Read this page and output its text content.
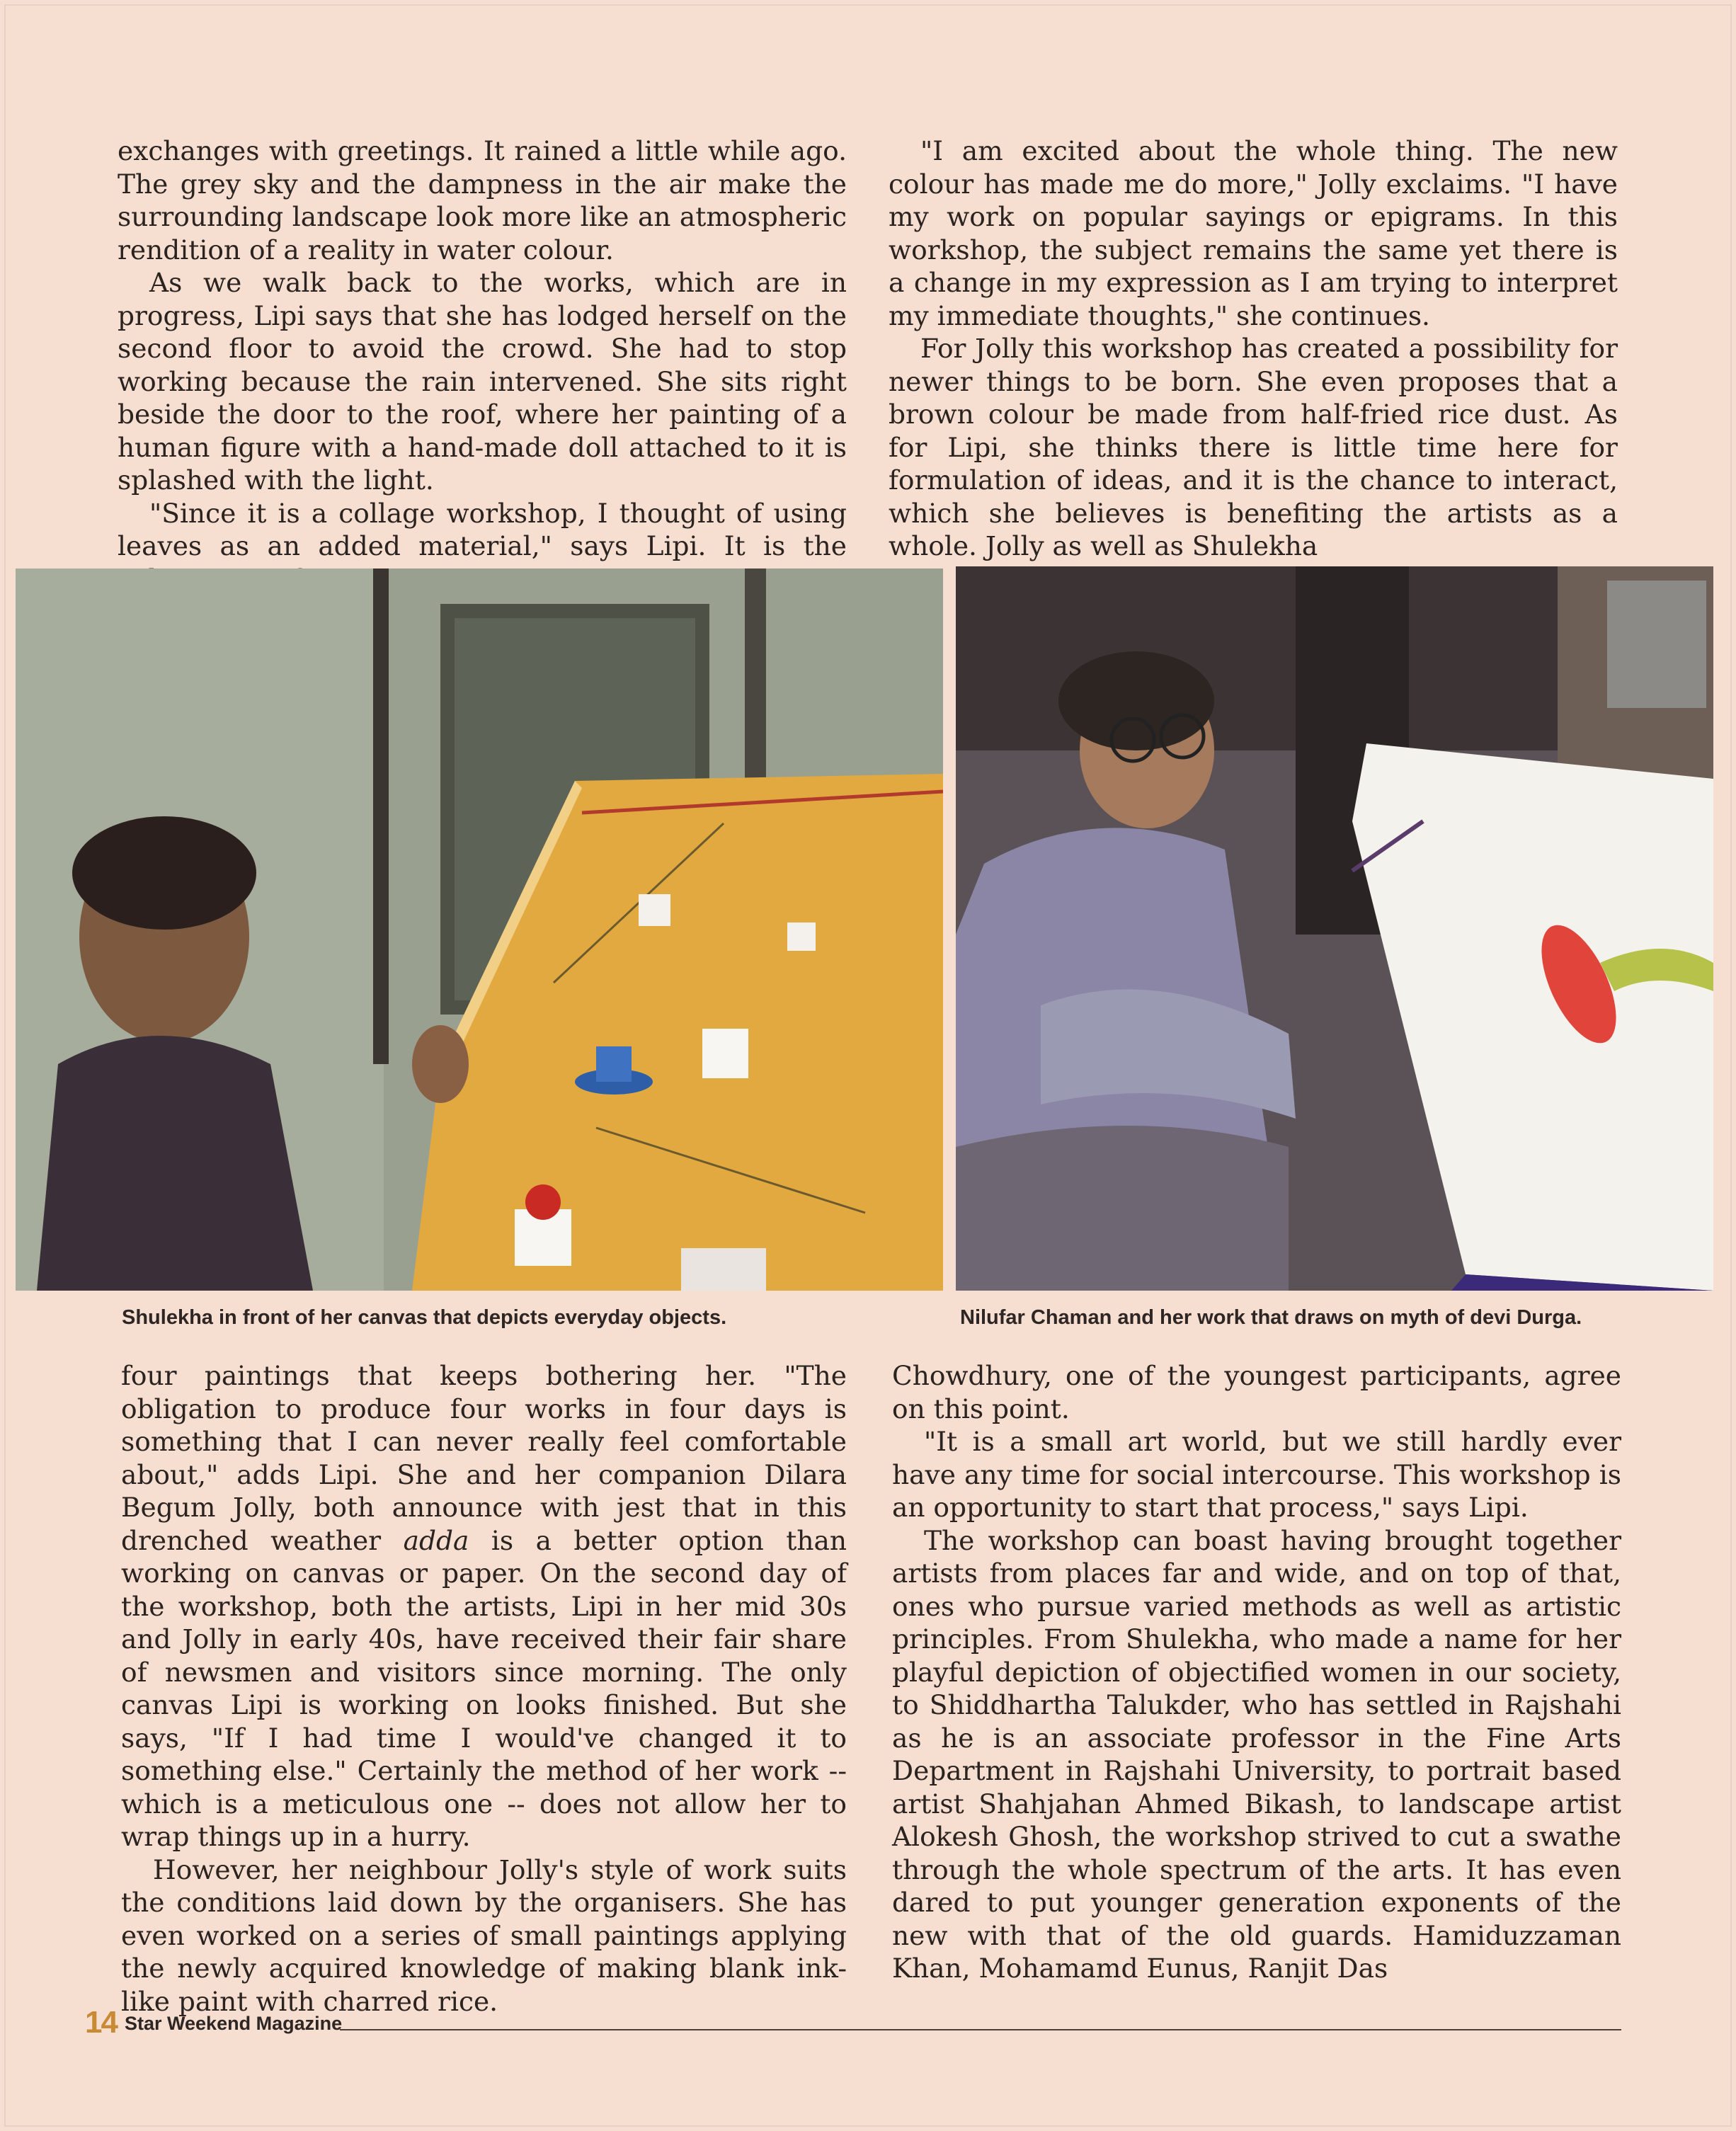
exchanges with greetings. It rained a little while ago. The grey sky and the dampness in the air make the surrounding landscape look more like an atmospheric rendition of a reality in water colour.

As we walk back to the works, which are in progress, Lipi says that she has lodged herself on the second floor to avoid the crowd. She had to stop working because the rain intervened. She sits right beside the door to the roof, where her painting of a human figure with a hand-made doll attached to it is splashed with the light.

"Since it is a collage workshop, I thought of using leaves as an added material," says Lipi. It is the

"I am excited about the whole thing. The new colour has made me do more," Jolly exclaims. "I have my work on popular sayings or epigrams. In this workshop, the subject remains the same yet there is a change in my expression as I am trying to interpret my immediate thoughts," she continues.

For Jolly this workshop has created a possibility for newer things to be born. She even proposes that a brown colour be made from half-fried rice dust. As for Lipi, she thinks there is little time here for formulation of ideas, and it is the chance to interact, which she believes is benefiting the artists as a whole. Jolly as well as Shulekha

Shulekha in front of her canvas that depicts everyday objects.	Nilufar Chaman and her work that draws on myth of devi Durga.

four paintings that keeps bothering her. "The obligation to produce four works in four days is something that I can never really feel comfortable about," adds Lipi. She and her companion Dilara Begum Jolly, both announce with jest that in this drenched weather adda is a better option than working on canvas or paper. On the second day of the workshop, both the artists, Lipi in her mid 30s and Jolly in early 40s, have received their fair share of newsmen and visitors since morning. The only canvas Lipi is working on looks finished. But she says, "If I had time I would've changed it to something else." Certainly the method of her work -- which is a meticulous one -- does not allow her to wrap things up in a hurry.

However, her neighbour Jolly's style of work suits the conditions laid down by the organisers. She has even worked on a series of small paintings applying the newly acquired knowledge of making blank ink-like paint with charred rice.

Chowdhury, one of the youngest participants, agree on this point.

"It is a small art world, but we still hardly ever have any time for social intercourse. This workshop is an opportunity to start that process," says Lipi.

The workshop can boast having brought together artists from places far and wide, and on top of that, ones who pursue varied methods as well as artistic principles. From Shulekha, who made a name for her playful depiction of objectified women in our society, to Shiddhartha Talukder, who has settled in Rajshahi as he is an associate professor in the Fine Arts Department in Rajshahi University, to portrait based artist Shahjahan Ahmed Bikash, to landscape artist Alokesh Ghosh, the workshop strived to cut a swathe through the whole spectrum of the arts. It has even dared to put younger generation exponents of the new with that of the old guards. Hamiduzzaman Khan, Mohamamd Eunus, Ranjit Das

14 Star Weekend Magazine
